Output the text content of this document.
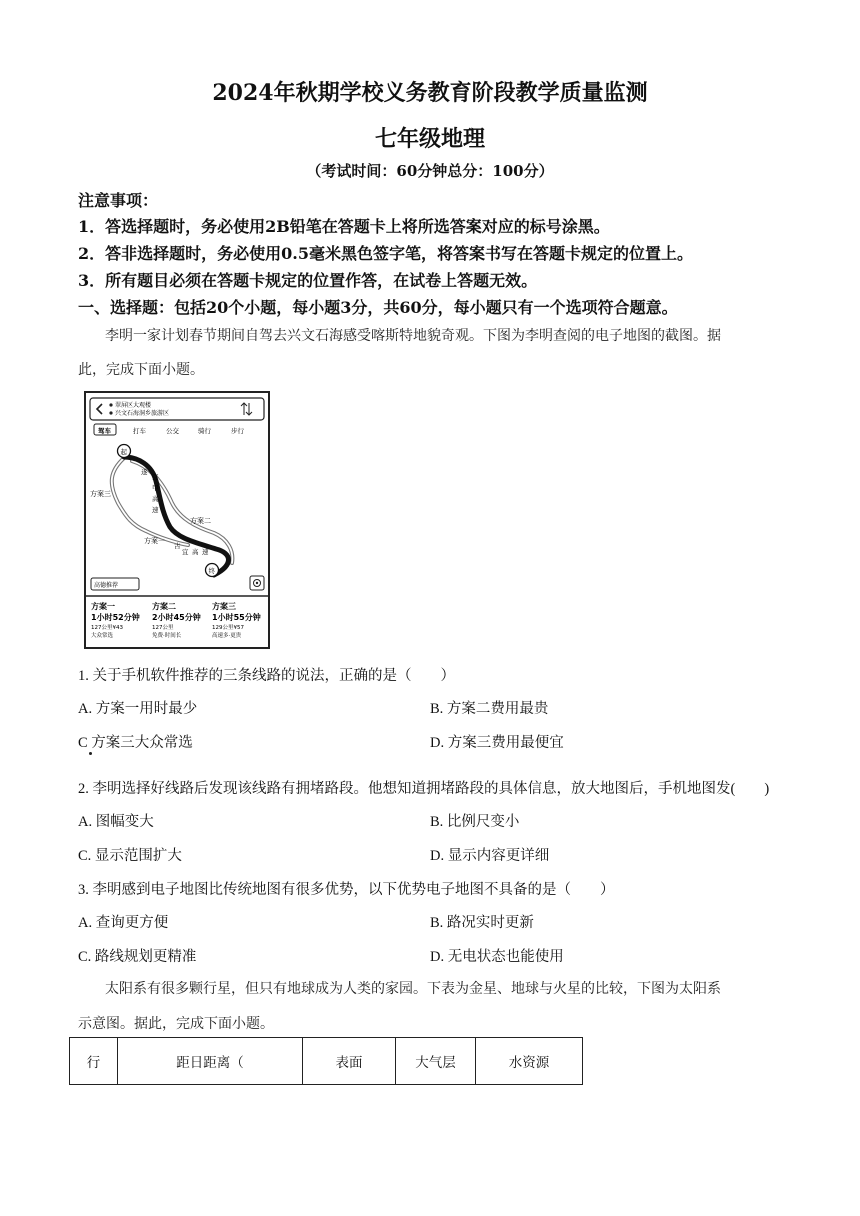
2024年秋期学校义务教育阶段教学质量监测
七年级地理
（考试时间：60分钟总分：100分）
注意事项：
1．答选择题时，务必使用2B铅笔在答题卡上将所选答案对应的标号涂黑。
2．答非选择题时，务必使用0.5毫米黑色签字笔，将答案书写在答题卡规定的位置上。
3．所有题目必须在答题卡规定的位置作答，在试卷上答题无效。
一、选择题：包括20个小题，每小题3分，共60分，每小题只有一个选项符合题意。
李明一家计划春节期间自驾去兴文石海感受喀斯特地貌奇观。下图为李明查阅的电子地图的截图。据
此，完成下面小题。
翠屏区大观楼
兴文石海洞乡旅游区
驾车	打车	公交	骑行	步行
起
终
遂
宜
甲
高
速
古
宜 高 速
方案三
方案二
方案一
高德推荐
方案一
1小时52分钟
127公里¥43
大众常选
方案二
2小时45分钟
127公里
免费·时间长
方案三
1小时55分钟
129公里¥57
高速多·更贵
1. 关于手机软件推荐的三条线路的说法，正确的是（　　）
A. 方案一用时最少	B. 方案二费用最贵
C 方案三大众常选	D. 方案三费用最便宜
2. 李明选择好线路后发现该线路有拥堵路段。他想知道拥堵路段的具体信息，放大地图后，手机地图发(　　)
A. 图幅变大	B. 比例尺变小
C. 显示范围扩大	D. 显示内容更详细
3. 李明感到电子地图比传统地图有很多优势，以下优势电子地图不具备的是（　　）
A. 查询更方便	B. 路况实时更新
C. 路线规划更精准	D. 无电状态也能使用
太阳系有很多颗行星，但只有地球成为人类的家园。下表为金星、地球与火星的比较，下图为太阳系
示意图。据此，完成下面小题。
行	距日距离（	表面	大气层	水资源
